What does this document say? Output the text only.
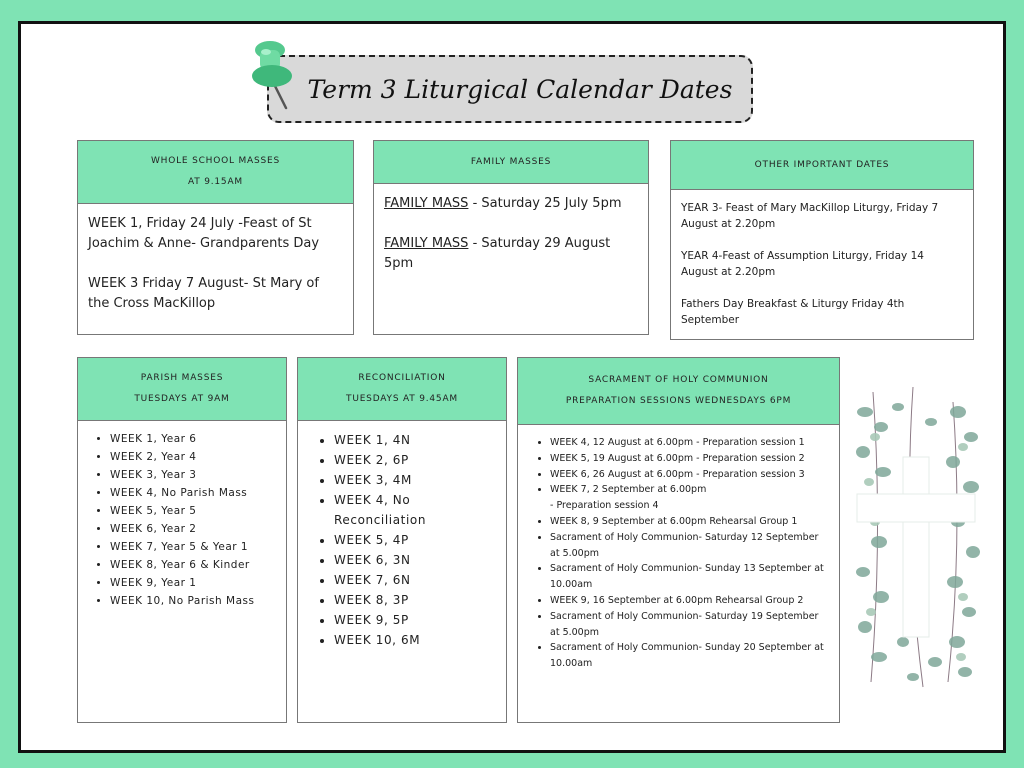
Term 3 Liturgical Calendar Dates
WHOLE SCHOOL MASSES
AT 9.15AM

WEEK 1, Friday 24 July -Feast of St Joachim & Anne- Grandparents Day

WEEK 3 Friday 7 August- St Mary of the Cross MacKillop

FAMILY MASSES

FAMILY MASS - Saturday 25 July 5pm

FAMILY MASS - Saturday 29 August 5pm

OTHER IMPORTANT DATES

YEAR 3- Feast of Mary MacKillop Liturgy, Friday 7 August at 2.20pm

YEAR 4-Feast of Assumption Liturgy, Friday 14 August at 2.20pm

Fathers Day Breakfast & Liturgy Friday 4th September

PARISH MASSES
TUESDAYS AT 9AM
• WEEK 1, Year 6
• WEEK 2, Year 4
• WEEK 3, Year 3
• WEEK 4, No Parish Mass
• WEEK 5, Year 5
• WEEK 6, Year 2
• WEEK 7, Year 5 & Year 1
• WEEK 8, Year 6 & Kinder
• WEEK 9, Year 1
• WEEK 10, No Parish Mass
RECONCILIATION
TUESDAYS AT 9.45AM
• WEEK 1, 4N
• WEEK 2, 6P
• WEEK 3, 4M
• WEEK 4, No Reconciliation
• WEEK 5, 4P
• WEEK 6, 3N
• WEEK 7, 6N
• WEEK 8, 3P
• WEEK 9, 5P
• WEEK 10, 6M
SACRAMENT OF HOLY COMMUNION
PREPARATION SESSIONS WEDNESDAYS 6PM
• WEEK 4, 12 August at 6.00pm - Preparation session 1
• WEEK 5, 19 August at 6.00pm - Preparation session 2
• WEEK 6, 26 August at 6.00pm - Preparation session 3
• WEEK 7, 2 September at 6.00pm
- Preparation session 4
• WEEK 8, 9 September at 6.00pm Rehearsal Group 1
• Sacrament of Holy Communion- Saturday 12 September at 5.00pm
• Sacrament of Holy Communion- Sunday 13 September at 10.00am
• WEEK 9, 16 September at 6.00pm Rehearsal Group 2
• Sacrament of Holy Communion- Saturday 19 September at 5.00pm
• Sacrament of Holy Communion- Sunday 20 September at 10.00am
